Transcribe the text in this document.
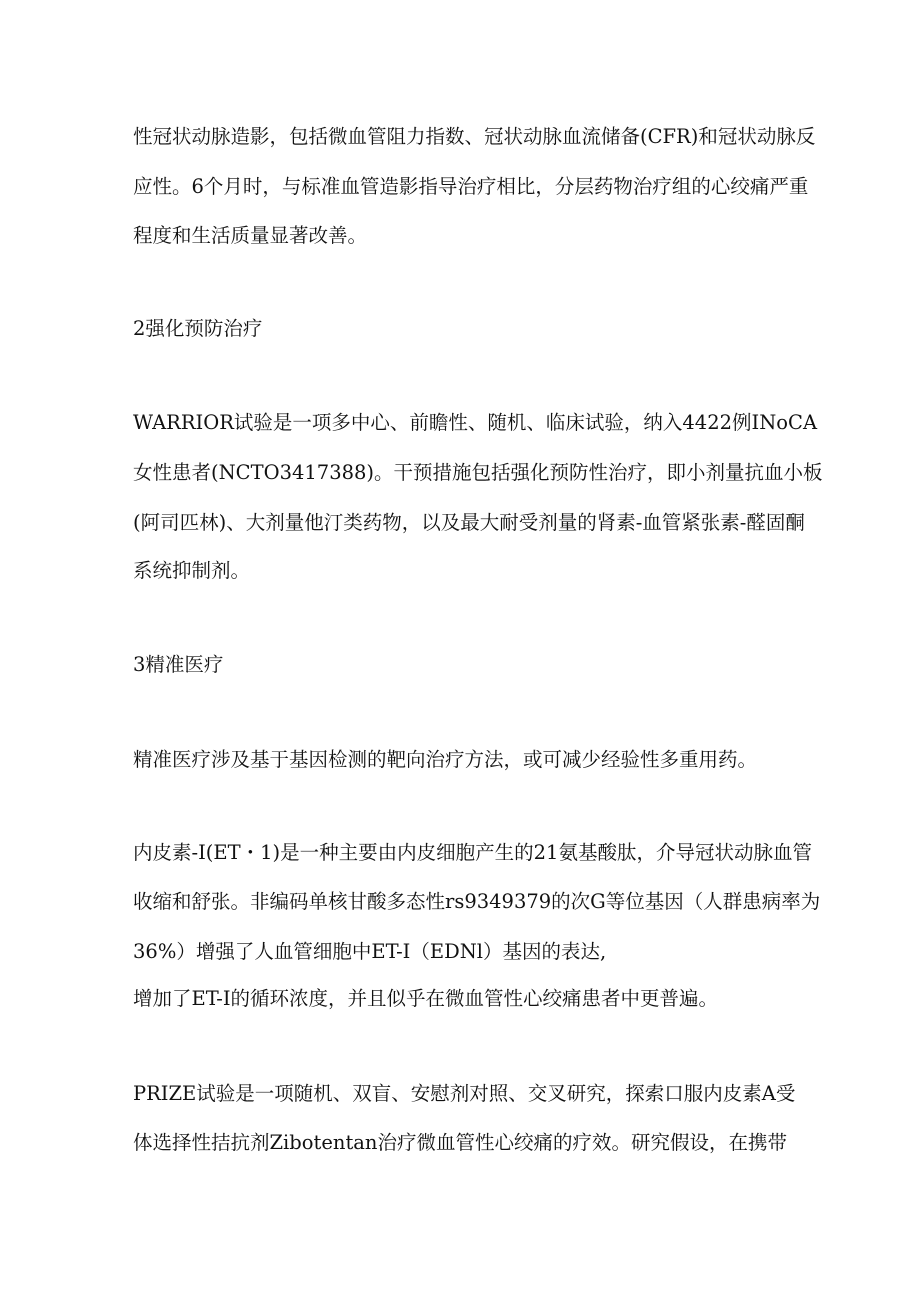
性冠状动脉造影，包括微血管阻力指数、冠状动脉血流储备(CFR)和冠状动脉反
应性。6个月时，与标准血管造影指导治疗相比，分层药物治疗组的心绞痛严重
程度和生活质量显著改善。
2强化预防治疗
WARRIOR试验是一项多中心、前瞻性、随机、临床试验，纳入4422例INoCA
女性患者(NCTO3417388)。干预措施包括强化预防性治疗，即小剂量抗血小板
(阿司匹林)、大剂量他汀类药物，以及最大耐受剂量的肾素-血管紧张素-醛固酮
系统抑制剂。
3精准医疗
精准医疗涉及基于基因检测的靶向治疗方法，或可减少经验性多重用药。
内皮素-I(ET・1)是一种主要由内皮细胞产生的21氨基酸肽，介导冠状动脉血管
收缩和舒张。非编码单核甘酸多态性rs9349379的次G等位基因（人群患病率为
36%）增强了人血管细胞中ET-I（EDNl）基因的表达,
增加了ET-I的循环浓度，并且似乎在微血管性心绞痛患者中更普遍。
PRIZE试验是一项随机、双盲、安慰剂对照、交叉研究，探索口服内皮素A受
体选择性拮抗剂Zibotentan治疗微血管性心绞痛的疗效。研究假设，在携带
